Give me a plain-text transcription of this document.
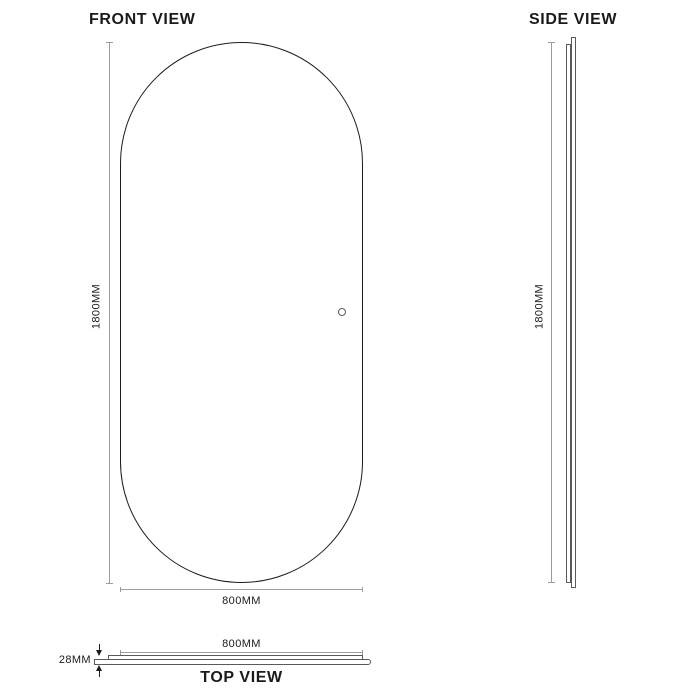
FRONT VIEW
1800MM
800MM
SIDE VIEW
1800MM
800MM
28MM
TOP VIEW
